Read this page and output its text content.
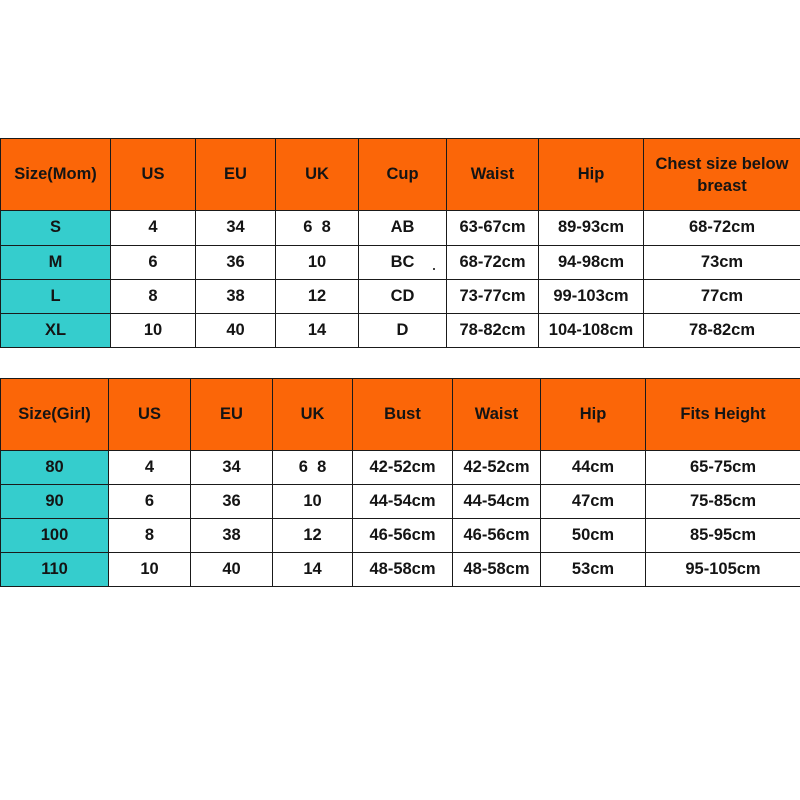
Size(Mom)	US	EU	UK	Cup	Waist	Hip	Chest size below breast
S	4	34	6  8	AB	63-67cm	89-93cm	68-72cm
M	6	36	10	BC	68-72cm	94-98cm	73cm
L	8	38	12	CD	73-77cm	99-103cm	77cm
XL	10	40	14	D	78-82cm	104-108cm	78-82cm
Size(Girl)	US	EU	UK	Bust	Waist	Hip	Fits Height
80	4	34	6  8	42-52cm	42-52cm	44cm	65-75cm
90	6	36	10	44-54cm	44-54cm	47cm	75-85cm
100	8	38	12	46-56cm	46-56cm	50cm	85-95cm
110	10	40	14	48-58cm	48-58cm	53cm	95-105cm
